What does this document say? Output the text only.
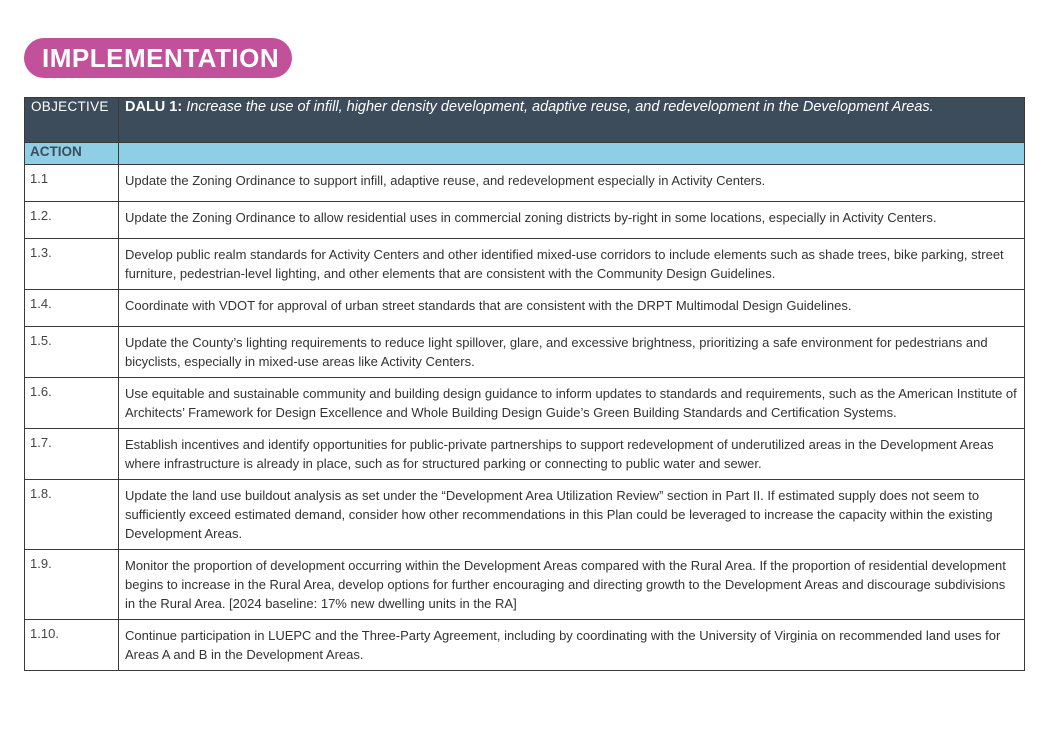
IMPLEMENTATION
OBJECTIVE	DALU 1: Increase the use of infill, higher density development, adaptive reuse, and redevelopment in the Development Areas.
ACTION	
1.1	Update the Zoning Ordinance to support infill, adaptive reuse, and redevelopment especially in Activity Centers.
1.2.	Update the Zoning Ordinance to allow residential uses in commercial zoning districts by-right in some locations, especially in Activity Centers.
1.3.	Develop public realm standards for Activity Centers and other identified mixed-use corridors to include elements such as shade trees, bike parking, street furniture, pedestrian-level lighting, and other elements that are consistent with the Community Design Guidelines.
1.4.	Coordinate with VDOT for approval of urban street standards that are consistent with the DRPT Multimodal Design Guidelines.
1.5.	Update the County’s lighting requirements to reduce light spillover, glare, and excessive brightness, prioritizing a safe environment for pedestrians and bicyclists, especially in mixed-use areas like Activity Centers.
1.6.	Use equitable and sustainable community and building design guidance to inform updates to standards and requirements, such as the American Institute of Architects’ Framework for Design Excellence and Whole Building Design Guide’s Green Building Standards and Certification Systems.
1.7.	Establish incentives and identify opportunities for public-private partnerships to support redevelopment of underutilized areas in the Development Areas where infrastructure is already in place, such as for structured parking or connecting to public water and sewer.
1.8.	Update the land use buildout analysis as set under the “Development Area Utilization Review” section in Part II. If estimated supply does not seem to sufficiently exceed estimated demand, consider how other recommendations in this Plan could be leveraged to increase the capacity within the existing Development Areas.
1.9.	Monitor the proportion of development occurring within the Development Areas compared with the Rural Area. If the proportion of residential development begins to increase in the Rural Area, develop options for further encouraging and directing growth to the Development Areas and discourage subdivisions in the Rural Area. [2024 baseline: 17% new dwelling units in the RA]
1.10.	Continue participation in LUEPC and the Three-Party Agreement, including by coordinating with the University of Virginia on recommended land uses for Areas A and B in the Development Areas.
